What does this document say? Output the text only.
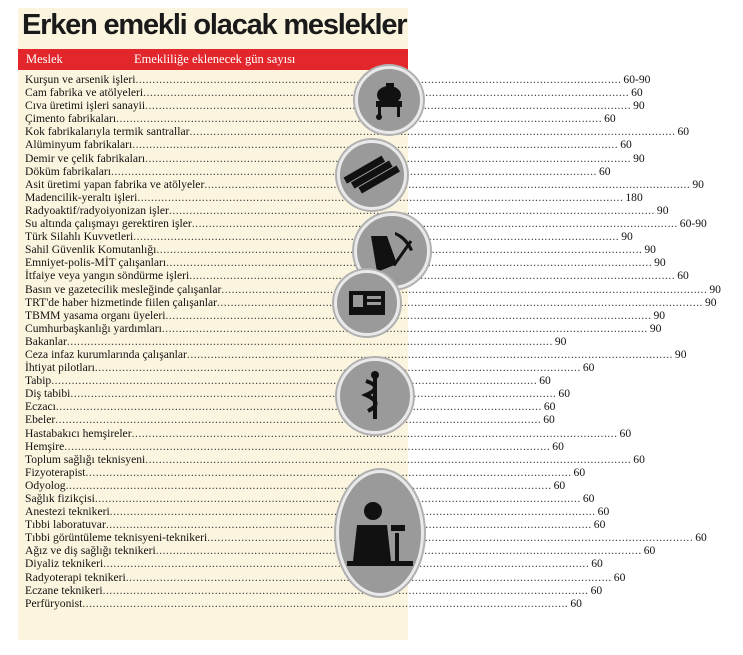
Erken emekli olacak meslekler
Meslek	Emekliliğe eklenecek gün sayısı
Kurşun ve arsenik işleri .....	60-90
Cam fabrika ve atölyeleri .....	60
Cıva üretimi işleri sanayii .....	90
Çimento fabrikaları .....	60
Kok fabrikalarıyla termik santrallar .....	60
Alüminyum fabrikaları .....	60
Demir ve çelik fabrikaları .....	90
Döküm fabrikaları .....	60
Asit üretimi yapan fabrika ve atölyeler .....	90
Madencilik-yeraltı işleri .....	180
Radyoaktif/radyoiyonizan işler .....	90
Su altında çalışmayı gerektiren işler .....	60-90
Türk Silahlı Kuvvetleri .....	90
Sahil Güvenlik Komutanlığı .....	90
Emniyet-polis-MİT çalışanları .....	90
İtfaiye veya yangın söndürme işleri .....	60
Basın ve gazetecilik mesleğinde çalışanlar .....	90
TRT'de haber hizmetinde fiilen çalışanlar .....	90
TBMM yasama organı üyeleri .....	90
Cumhurbaşkanlığı yardımları .....	90
Bakanlar .....	90
Ceza infaz kurumlarında çalışanlar .....	90
İhtiyat pilotları .....	60
Tabip .....	60
Diş tabibi .....	60
Eczacı .....	60
Ebeler .....	60
Hastabakıcı hemşireler .....	60
Hemşire .....	60
Toplum sağlığı teknisyeni .....	60
Fizyoterapist .....	60
Odyolog .....	60
Sağlık fizikçisi .....	60
Anestezi teknikeri .....	60
Tıbbi laboratuvar .....	60
Tıbbi görüntüleme teknisyeni-teknikeri .....	60
Ağız ve diş sağlığı teknikeri .....	60
Diyaliz teknikeri .....	60
Radyoterapi teknikeri .....	60
Eczane teknikeri .....	60
Perfüryonist .....	60
